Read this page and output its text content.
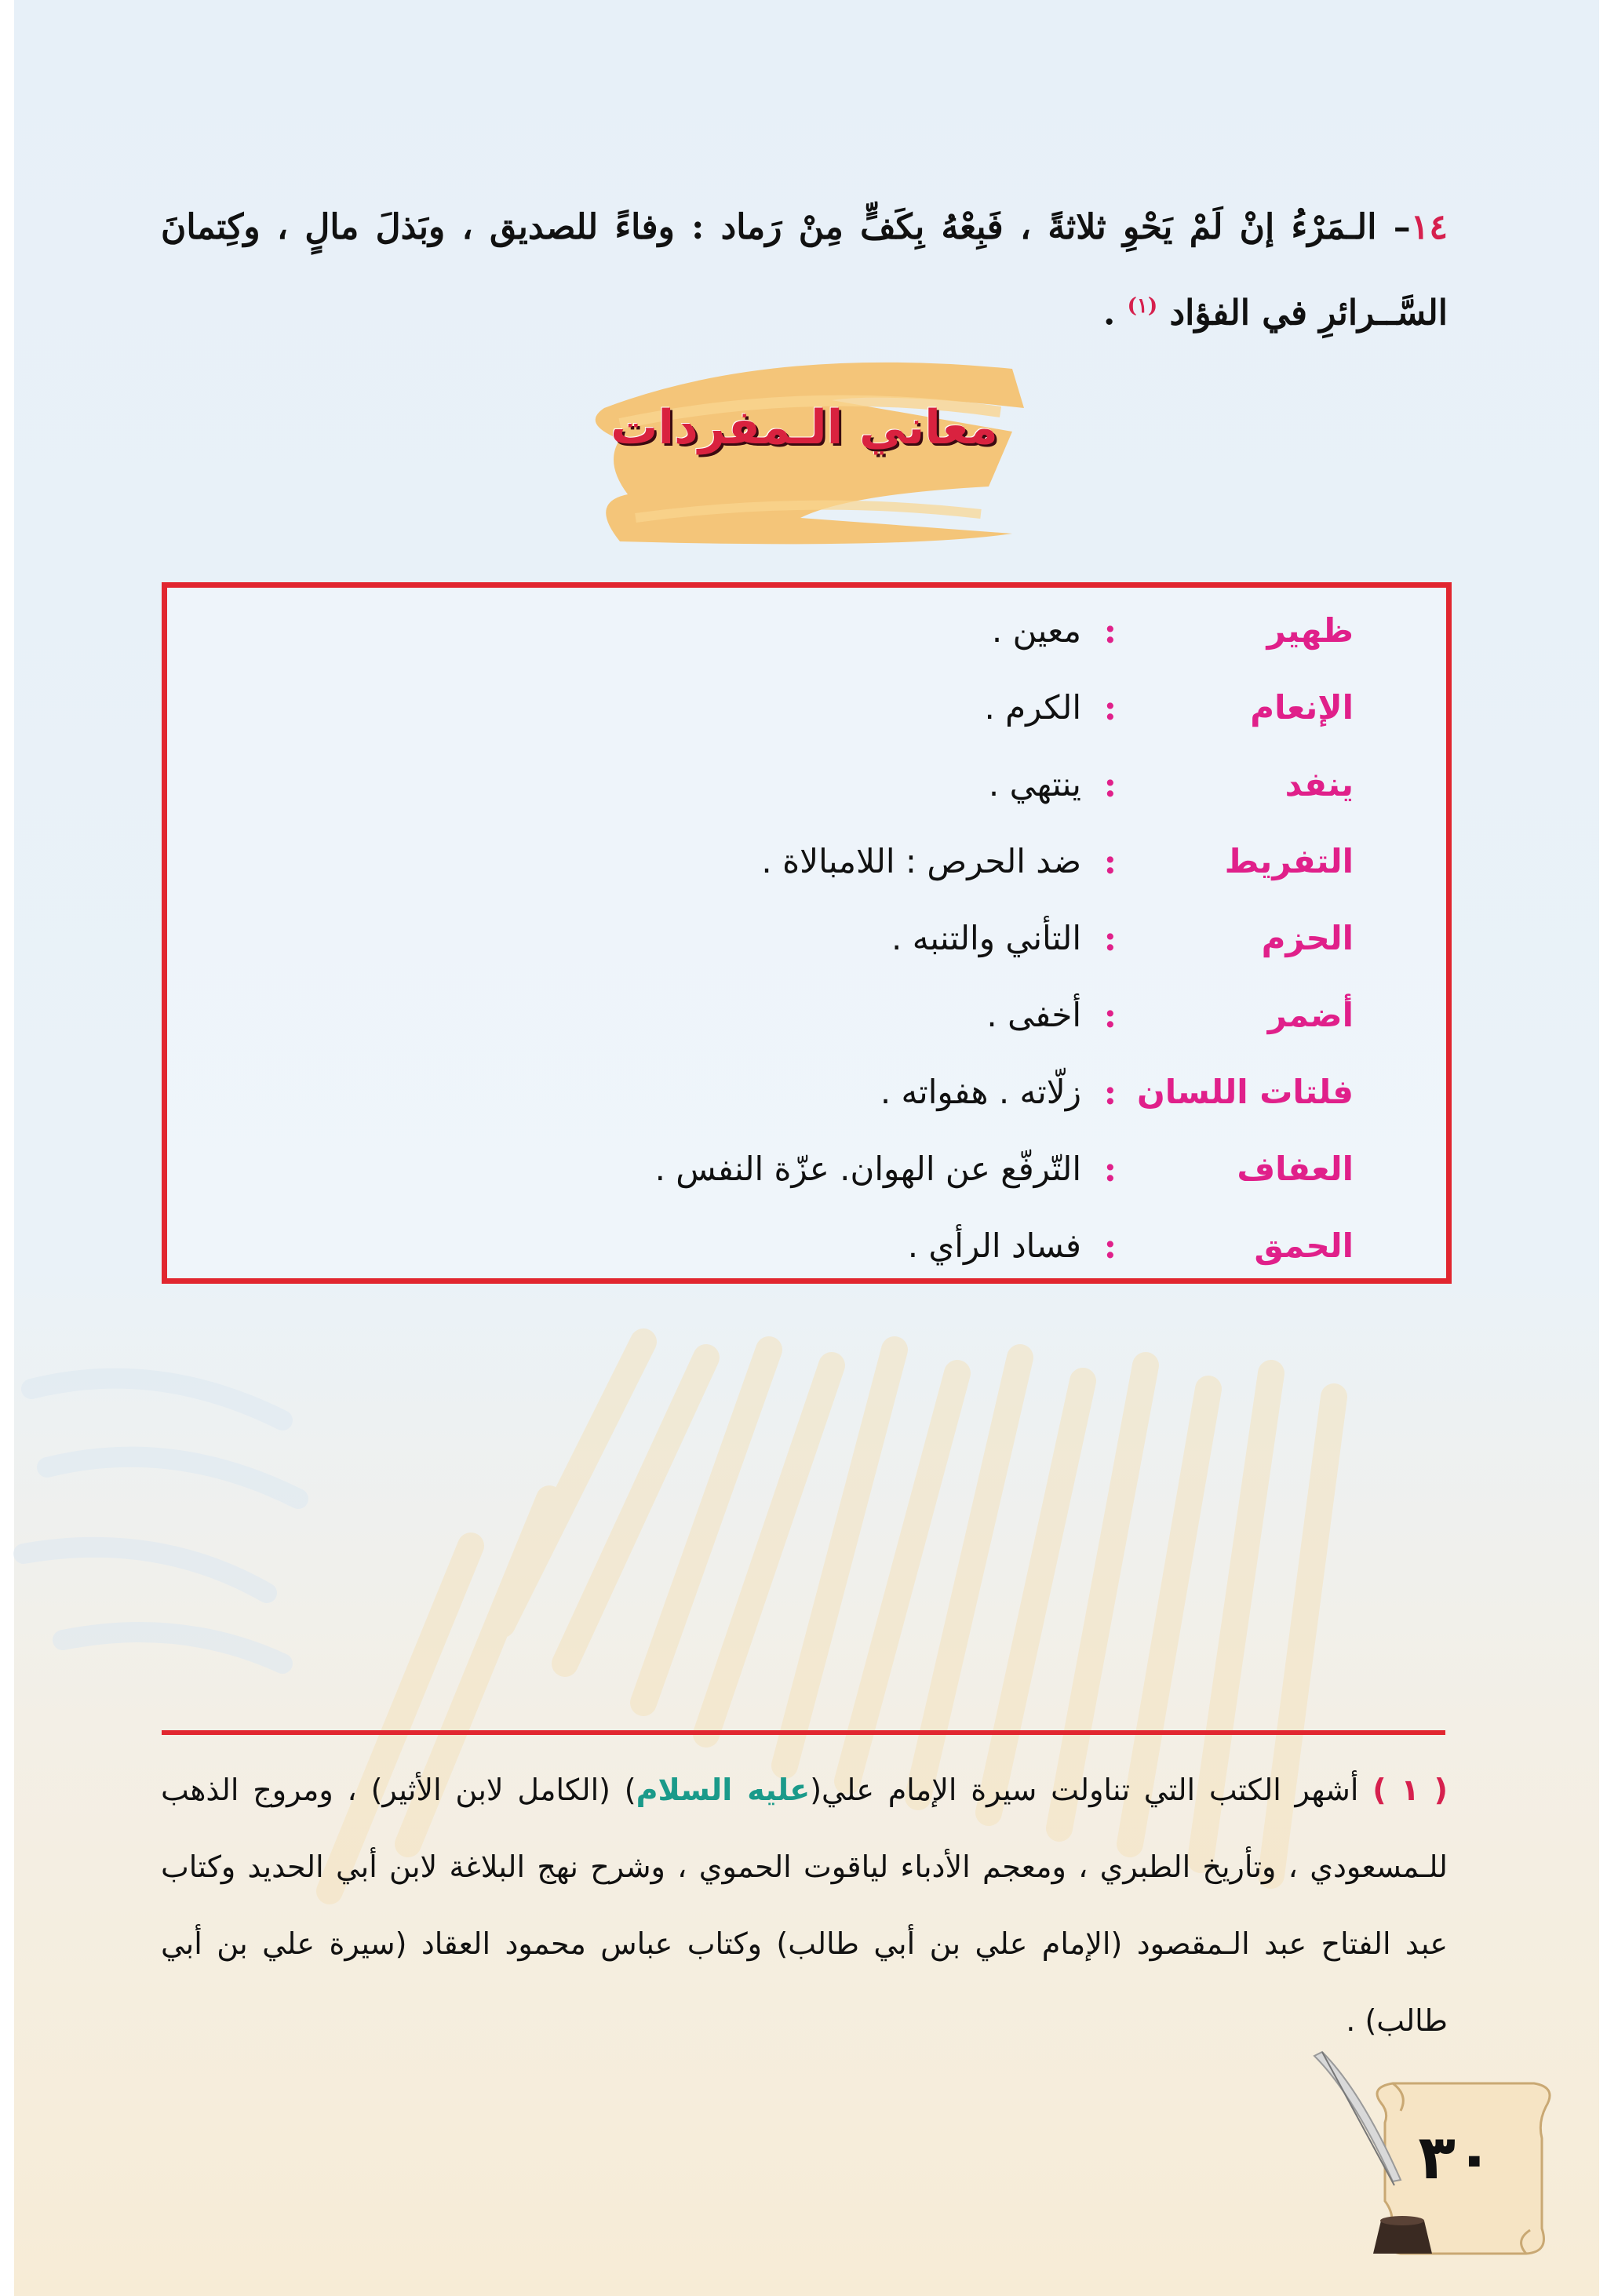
١٤– الـمَرْءُ إنْ لَمْ يَحْوِ ثلاثةً ، فَبِعْهُ بِكَفٍّ مِنْ رَماد : وفاءً للصديق ، وبَذلَ مالٍ ، وكِتمانَ السَّــرائرِ في الفؤاد $^{(١)}$ .
معاني الـمفردات
ظهير
:
معين .
الإنعام
:
الكرم .
ينفد
:
ينتهي .
التفريط
:
ضد الحرص : اللامبالاة .
الحزم
:
التأني والتنبه .
أضمر
:
أخفى .
فلتات اللسان
:
زلّاته . هفواته .
العفاف
:
التّرفّع عن الهوان. عزّة النفس .
الحمق
:
فساد الرأي .
( ١ ) أشهر الكتب التي تناولت سيرة الإمام علي(عليه السلام) (الكامل لابن الأثير) ، ومروج الذهب للـمسعودي ، وتأريخ الطبري ، ومعجم الأدباء لياقوت الحموي ، وشرح نهج البلاغة لابن أبي الحديد وكتاب عبد الفتاح عبد الـمقصود (الإمام علي بن أبي طالب) وكتاب عباس محمود العقاد (سيرة علي بن أبي طالب) .
٣٠
